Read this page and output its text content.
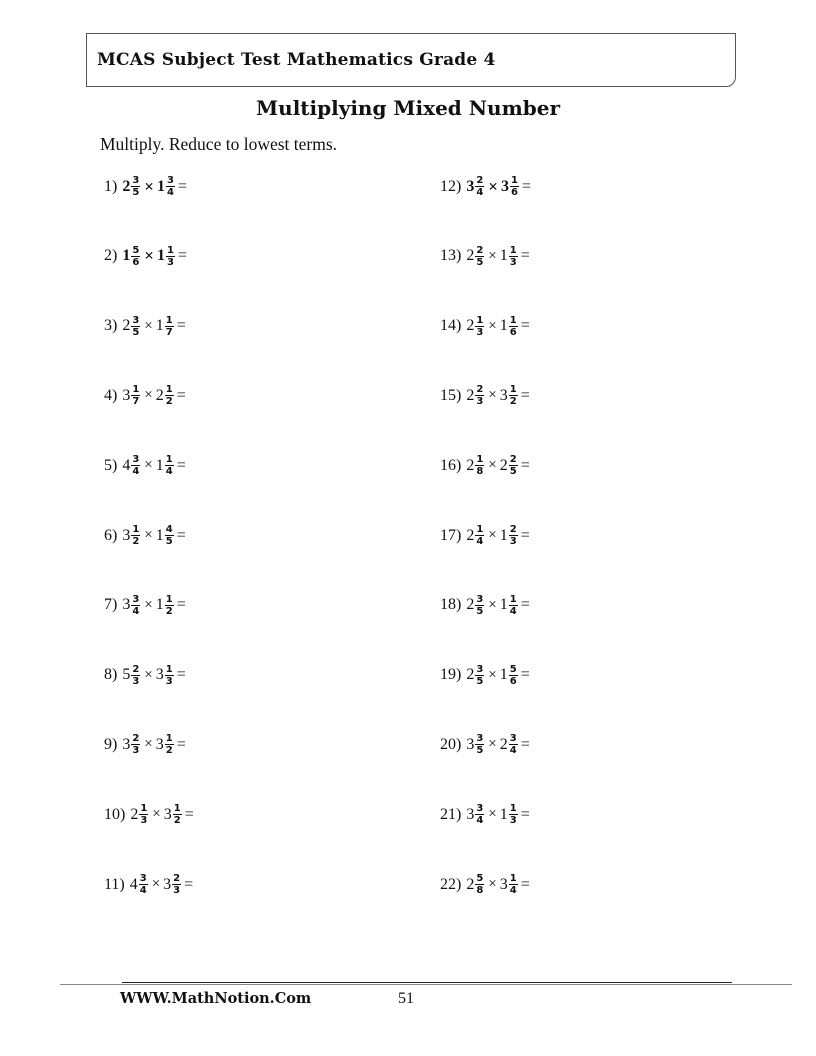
MCAS Subject Test Mathematics Grade 4
Multiplying Mixed Number
Multiply. Reduce to lowest terms.
1) $2 \frac{3}{5} \times 1 \frac{3}{4}$ =
2) $1 \frac{5}{6} \times 1 \frac{1}{3}$ =
3) $2 \frac{3}{5} \times 1 \frac{1}{7}$ =
4) $3 \frac{1}{7} \times 2 \frac{1}{2}$ =
5) $4 \frac{3}{4} \times 1 \frac{1}{4}$ =
6) $3 \frac{1}{2} \times 1 \frac{4}{5}$ =
7) $3 \frac{3}{4} \times 1 \frac{1}{2}$ =
8) $5 \frac{2}{3} \times 3 \frac{1}{3}$ =
9) $3 \frac{2}{3} \times 3 \frac{1}{2}$ =
10) $2 \frac{1}{3} \times 3 \frac{1}{2}$ =
11) $4 \frac{3}{4} \times 3 \frac{2}{3}$ =
12) $3 \frac{2}{4} \times 3 \frac{1}{6}$ =
13) $2 \frac{2}{5} \times 1 \frac{1}{3}$ =
14) $2 \frac{1}{3} \times 1 \frac{1}{6}$ =
15) $2 \frac{2}{3} \times 3 \frac{1}{2}$ =
16) $2 \frac{1}{8} \times 2 \frac{2}{5}$ =
17) $2 \frac{1}{4} \times 1 \frac{2}{3}$ =
18) $2 \frac{3}{5} \times 1 \frac{1}{4}$ =
19) $2 \frac{3}{5} \times 1 \frac{5}{6}$ =
20) $3 \frac{3}{5} \times 2 \frac{3}{4}$ =
21) $3 \frac{3}{4} \times 1 \frac{1}{3}$ =
22) $2 \frac{5}{8} \times 3 \frac{1}{4}$ =
WWW.MathNotion.Com	51
